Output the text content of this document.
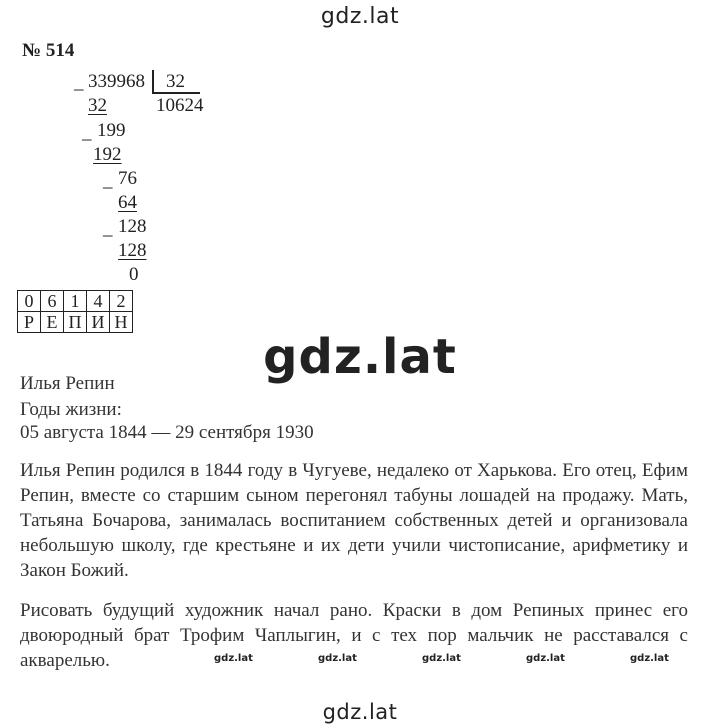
gdz.lat
gdz.lat
gdz.lat
gdz.lat	gdz.lat	gdz.lat	gdz.lat	gdz.lat
№ 514
_ 339968 32
10624
32
_ 199
192
_ 76
64
_ 128
128
0
0	6	1	4	2
Р	Е	П	И	Н
Илья Репин
Годы жизни:
05 августа 1844 — 29 сентября 1930
Илья Репин родился в 1844 году в Чугуеве, недалеко от Харькова. Его отец, Ефим Репин, вместе со старшим сыном перегонял табуны лошадей на продажу. Мать, Татьяна Бочарова, занималась воспитанием собственных детей и организовала небольшую школу, где крестьяне и их дети учили чистописание, арифметику и Закон Божий.
Рисовать будущий художник начал рано. Краски в дом Репиных принес его двоюродный брат Трофим Чаплыгин, и с тех пор мальчик не расставался с акварелью.
